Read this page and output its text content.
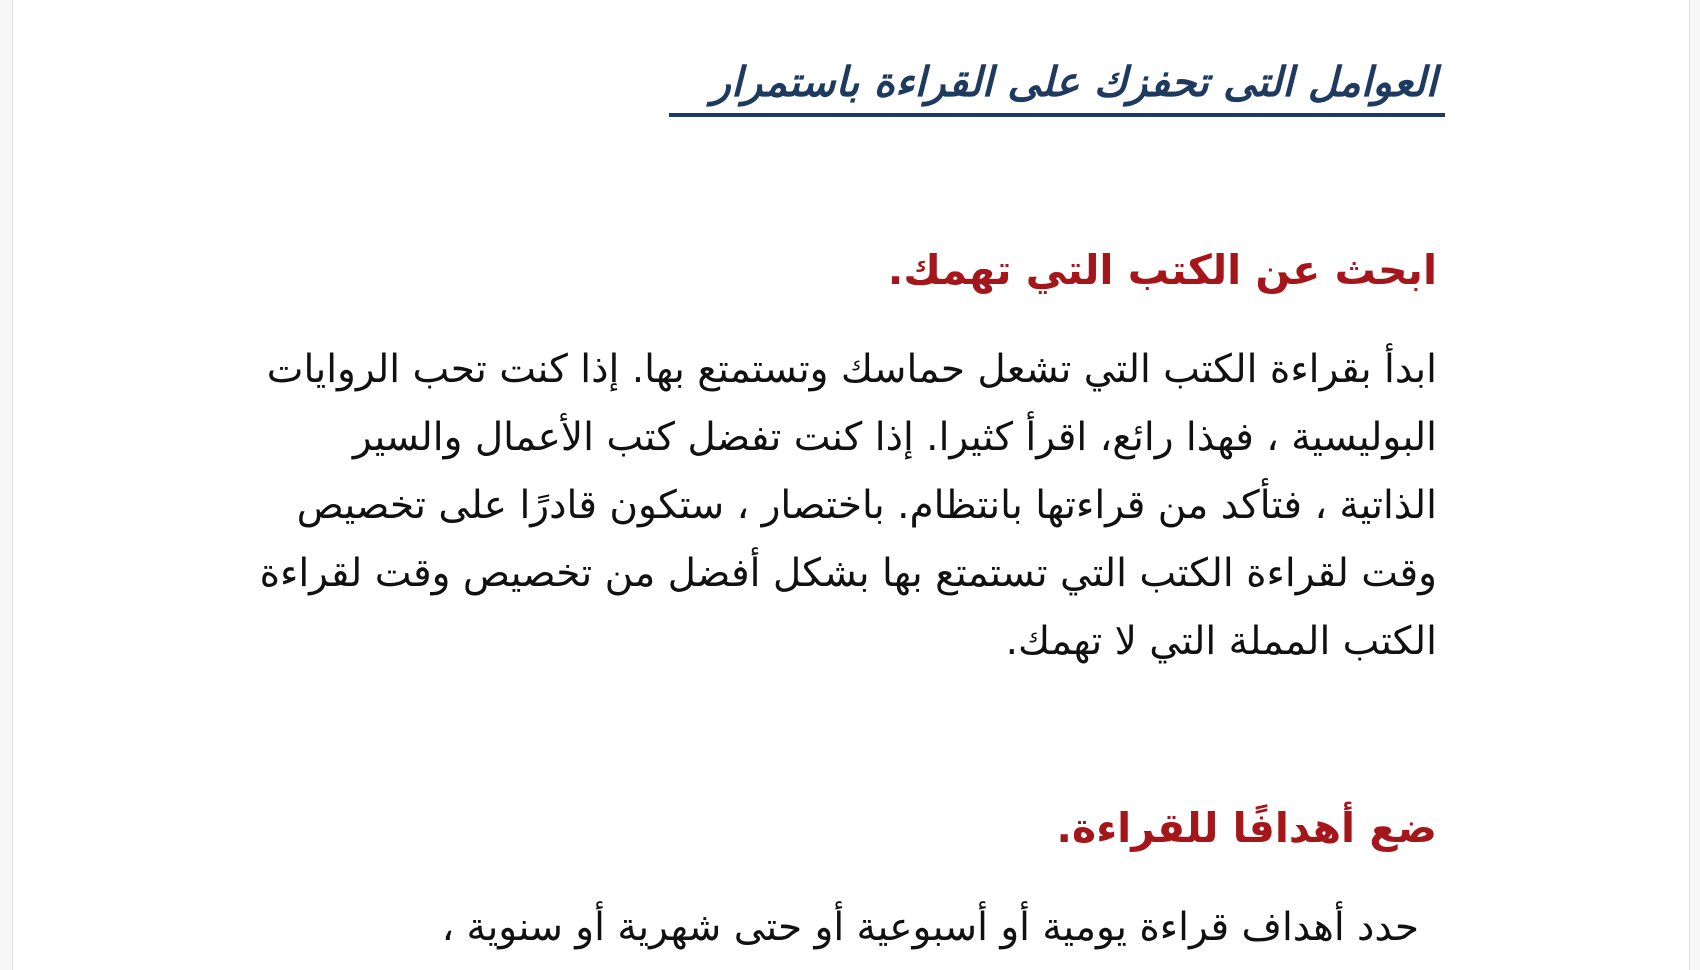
العوامل التى تحفزك على القراءة باستمرار
ابحث عن الكتب التي تهمك.

ابدأ بقراءة الكتب التي تشعل حماسك وتستمتع بها. إذا كنت تحب الروايات البوليسية ، فهذا رائع، اقرأ كثيرا. إذا كنت تفضل كتب الأعمال والسير الذاتية ، فتأكد من قراءتها بانتظام. باختصار ، ستكون قادرًا على تخصيص وقت لقراءة الكتب التي تستمتع بها بشكل أفضل من تخصيص وقت لقراءة الكتب المملة التي لا تهمك.

ضع أهدافًا للقراءة.

حدد أهداف قراءة يومية أو أسبوعية أو حتى شهرية أو سنوية ،
